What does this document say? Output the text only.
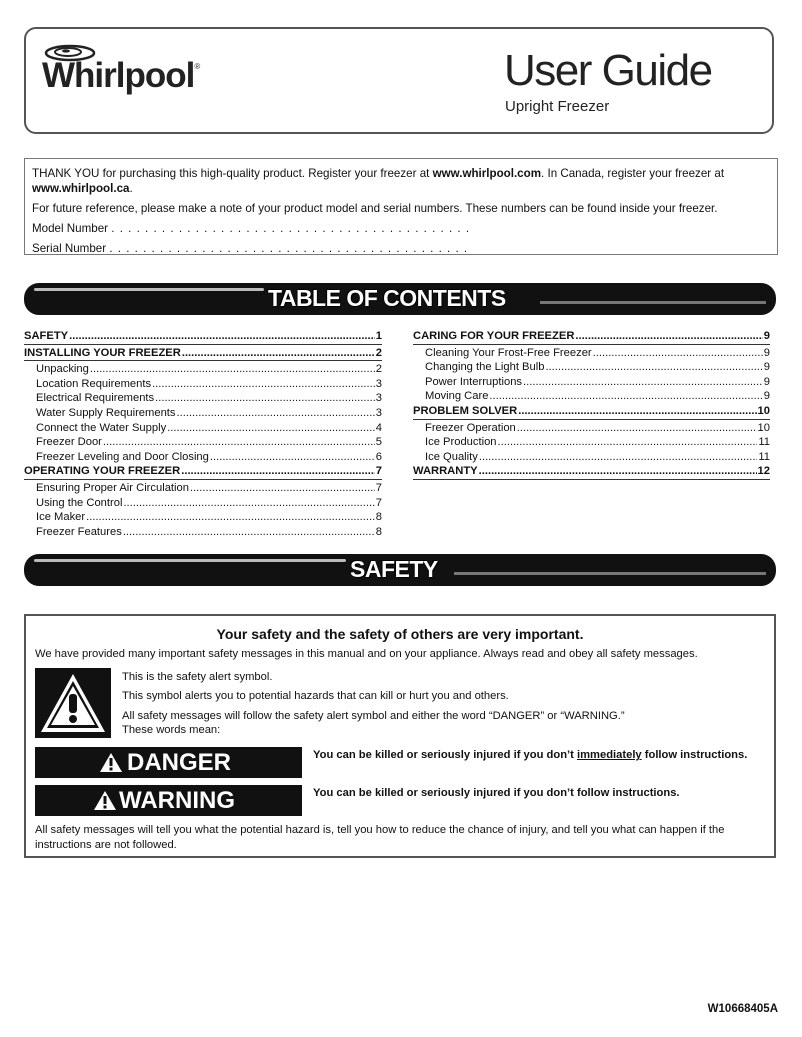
Whirlpool®	User Guide
Upright Freezer

THANK YOU for purchasing this high-quality product. Register your freezer at www.whirlpool.com. In Canada, register your freezer at www.whirlpool.ca.

For future reference, please make a note of your product model and serial numbers. These numbers can be found inside your freezer.

Model Number . . . . . . . . . . . . . . . . . . . . . . . . . . . . . . . . . . . . . . . . . . .

Serial Number . . . . . . . . . . . . . . . . . . . . . . . . . . . . . . . . . . . . . . . . . . .

TABLE OF CONTENTS
SAFETY .....	1
INSTALLING YOUR FREEZER .....	2
Unpacking .....	2
Location Requirements .....	3
Electrical Requirements .....	3
Water Supply Requirements .....	3
Connect the Water Supply .....	4
Freezer Door .....	5
Freezer Leveling and Door Closing .....	6
OPERATING YOUR FREEZER .....	7
Ensuring Proper Air Circulation .....	7
Using the Control .....	7
Ice Maker .....	8
Freezer Features .....	8
CARING FOR YOUR FREEZER .....	9
Cleaning Your Frost-Free Freezer .....	9
Changing the Light Bulb .....	9
Power Interruptions .....	9
Moving Care .....	9
PROBLEM SOLVER .....	10
Freezer Operation .....	10
Ice Production .....	11
Ice Quality .....	11
WARRANTY .....	12
SAFETY
Your safety and the safety of others are very important.
We have provided many important safety messages in this manual and on your appliance. Always read and obey all safety messages.
This is the safety alert symbol.
This symbol alerts you to potential hazards that can kill or hurt you and others.
All safety messages will follow the safety alert symbol and either the word “DANGER” or “WARNING.”
These words mean:
DANGER	You can be killed or seriously injured if you don’t immediately follow instructions.
WARNING	You can be killed or seriously injured if you don’t follow instructions.
All safety messages will tell you what the potential hazard is, tell you how to reduce the chance of injury, and tell you what can happen if the instructions are not followed.
W10668405A
